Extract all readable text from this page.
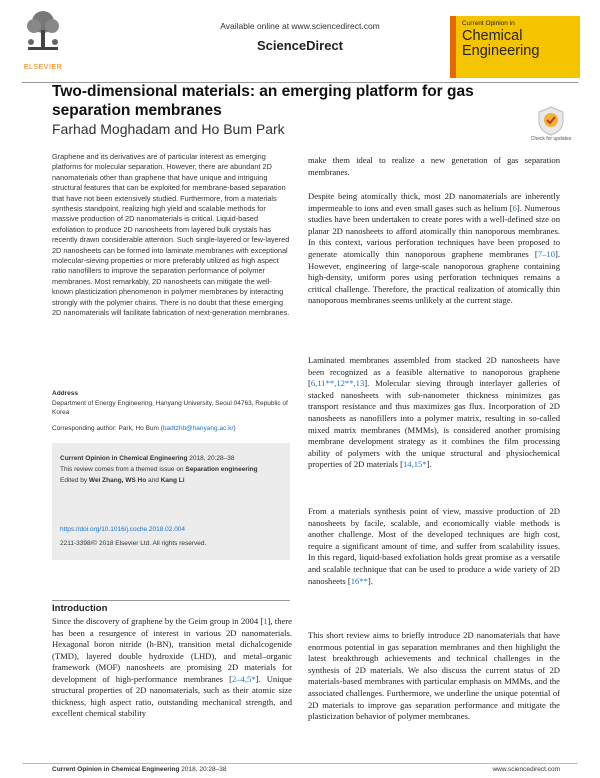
ELSEVIER
Available online at www.sciencedirect.com
ScienceDirect
Current Opinion in
Chemical
Engineering
Two-dimensional materials: an emerging platform for gas separation membranes
Farhad Moghadam and Ho Bum Park
Check for updates
Graphene and its derivatives are of particular interest as emerging platforms for molecular separation. However, there are abundant 2D nanomaterials other than graphene that have unique and intriguing structural features that can be exploited for membrane-based separation that have not been extensively studied. Furthermore, from a materials synthesis standpoint, realizing high yield and scalable methods for massive production of 2D nanomaterials is critical. Liquid-based exfoliation to produce 2D nanosheets from layered bulk crystals has recently drawn considerable attention. Such single-layered or few-layered 2D nanosheets can be formed into laminate membranes with exceptional molecular-sieving properties or more preferably utilized as high aspect ratio nanofillers to improve the separation performance of polymer membranes. Most remarkably, 2D nanosheets can mitigate the well-known plasticization phenomenon in polymer membranes by interacting strongly with the polymer chains. There is no doubt that these emerging 2D nanomaterials will facilitate fabrication of next-generation membranes.
Address
Department of Energy Engineering, Hanyang University, Seoul 04763, Republic of Korea
Corresponding author: Park, Ho Bum (badtzhb@hanyang.ac.kr)
Current Opinion in Chemical Engineering 2018, 20:28–38
This review comes from a themed issue on Separation engineering
Edited by Wei Zhang, WS Ho and Kang Li
https://doi.org/10.1016/j.coche.2018.02.004
2211-3398/© 2018 Elsevier Ltd. All rights reserved.
Introduction
Since the discovery of graphene by the Geim group in 2004 [1], there has been a resurgence of interest in various 2D nanomaterials. Hexagonal boron nitride (h-BN), transition metal dichalcogenide (TMD), layered double hydroxide (LHD), and metal–organic framework (MOF) nanosheets are promising 2D materials for development of high-performance membranes [2–4,5*]. Unique structural properties of 2D nanomaterials, such as their atomic size thickness, high aspect ratio, outstanding mechanical strength, and excellent chemical stability
make them ideal to realize a new generation of gas separation membranes.
Despite being atomically thick, most 2D nanomaterials are inherently impermeable to ions and even small gases such as helium [6]. Numerous studies have been undertaken to create pores with a well-defined size on planar 2D nanosheets to afford atomically thin nanoporous membranes. In this context, various perforation techniques have been proposed to generate atomically thin nanoporous graphene membranes [7–10]. However, engineering of large-scale nanoporous graphene containing high-density, uniform pores using perforation techniques remains a critical challenge. Therefore, the practical realization of atomically thin nanoporous membranes seems unlikely at the current stage.
Laminated membranes assembled from stacked 2D nanosheets have been recognized as a feasible alternative to nanoporous graphene [6,11**,12**,13]. Molecular sieving through interlayer galleries of stacked nanosheets with sub-nanometer thickness minimizes gas transport resistance and thus maximizes gas flux. Incorporation of 2D nanosheets as nanofillers into a polymer matrix, resulting in so-called mixed matrix membranes (MMMs), is considered another promising membrane development strategy as it combines the film processing ability of polymers with the unique structural and physiochemical properties of 2D materials [14,15*].
From a materials synthesis point of view, massive production of 2D nanosheets by facile, scalable, and economically viable methods is another challenge. Most of the developed techniques are high cost, require a significant amount of time, and suffer from scalability issues. In this regard, liquid-based exfoliation holds great promise as a versatile and scalable technique that can be used to produce a wide variety of 2D nanosheets [16**].
This short review aims to briefly introduce 2D nanomaterials that have enormous potential in gas separation membranes and then highlight the latest breakthrough achievements and technical challenges in the synthesis of 2D materials. We also discuss the current status of 2D materials-based membranes with particular emphasis on MMMs, and the associated challenges. Furthermore, we underline the unique potential of 2D materials to improve gas separation performance and mitigate the plasticization behavior of polymer membranes.
Current Opinion in Chemical Engineering 2018, 20:28–38	www.sciencedirect.com
